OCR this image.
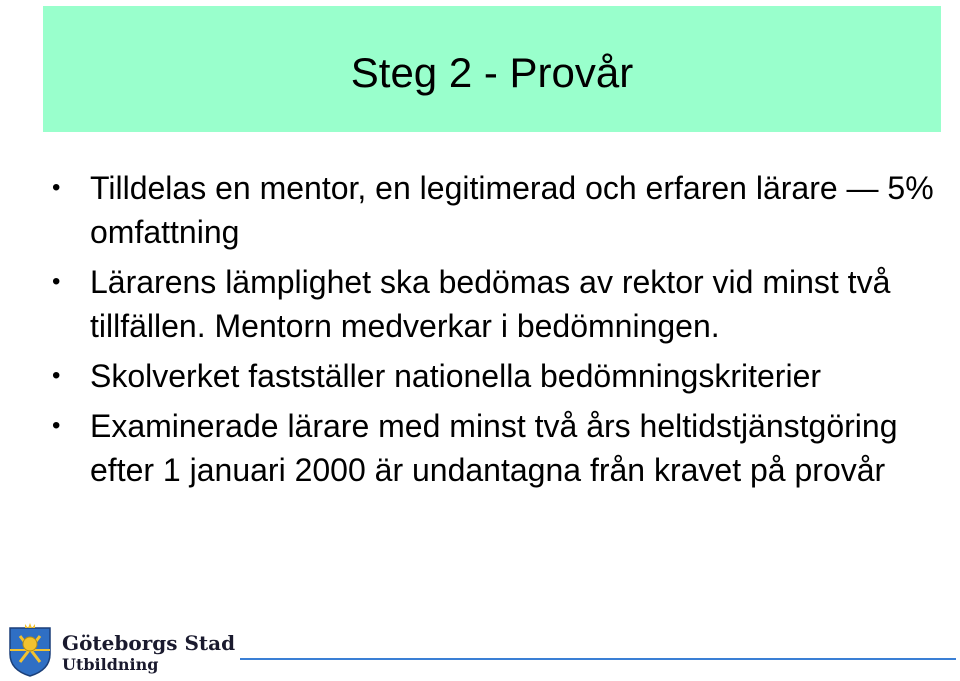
Steg 2 - Provår
• Tilldelas en mentor, en legitimerad och erfaren lärare — 5% omfattning
• Lärarens lämplighet ska bedömas av rektor vid minst två tillfällen. Mentorn medverkar i bedömningen.
• Skolverket fastställer nationella bedömningskriterier
• Examinerade lärare med minst två års heltidstjänstgöring efter 1 januari 2000 är undantagna från kravet på provår
Göteborgs Stad
Utbildning
